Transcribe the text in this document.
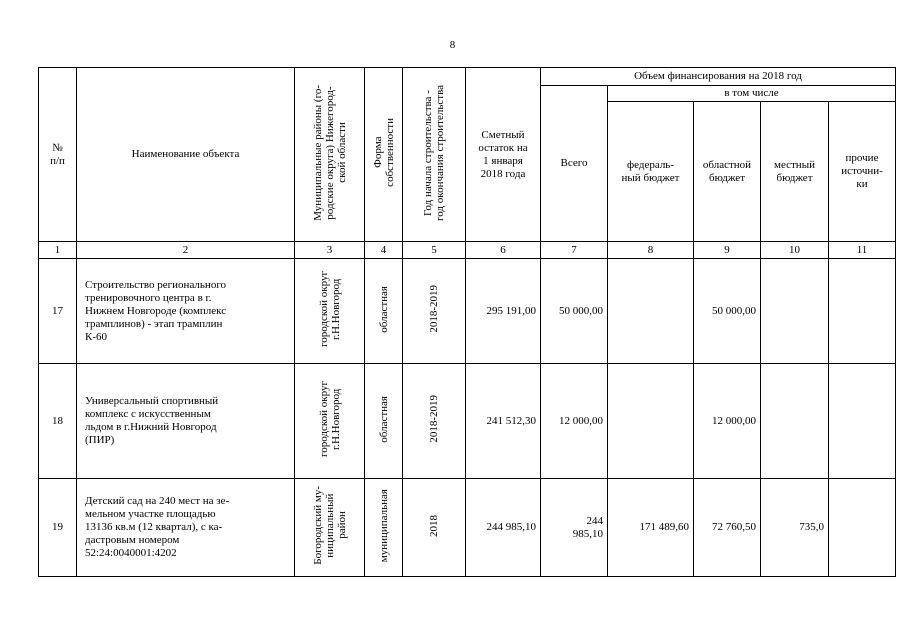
8
№
п/п	Наименование объекта	Муниципальные районы (го-
родские округа) Нижегород-
ской области	Форма
собственности	Год начала строительства -
год окончания строительства	Сметный
остаток на
1 января
2018 года	Объем финансирования на 2018 год				
						Всего	в том числе			
							федераль-
ный бюджет	областной
бюджет	местный
бюджет	прочие
источни-
ки
1	2	3	4	5	6	7	8	9	10	11
17	Строительство регионального
тренировочного центра в г.
Нижнем Новгороде (комплекс
трамплинов) - этап трамплин
К-60	городской округ
г.Н.Новгород	областная	2018-2019	295 191,00	50 000,00		50 000,00		
18	Универсальный спортивный
комплекс с искусственным
льдом в г.Нижний Новгород
(ПИР)	городской округ
г.Н.Новгород	областная	2018-2019	241 512,30	12 000,00		12 000,00		
19	Детский сад на 240 мест на зе-
мельном участке площадью
13136 кв.м (12 квартал), с ка-
дастровым номером
52:24:0040001:4202	Богородский му-
ниципальный
район	муниципальная	2018	244 985,10	244
985,10	171 489,60	72 760,50	735,0	
